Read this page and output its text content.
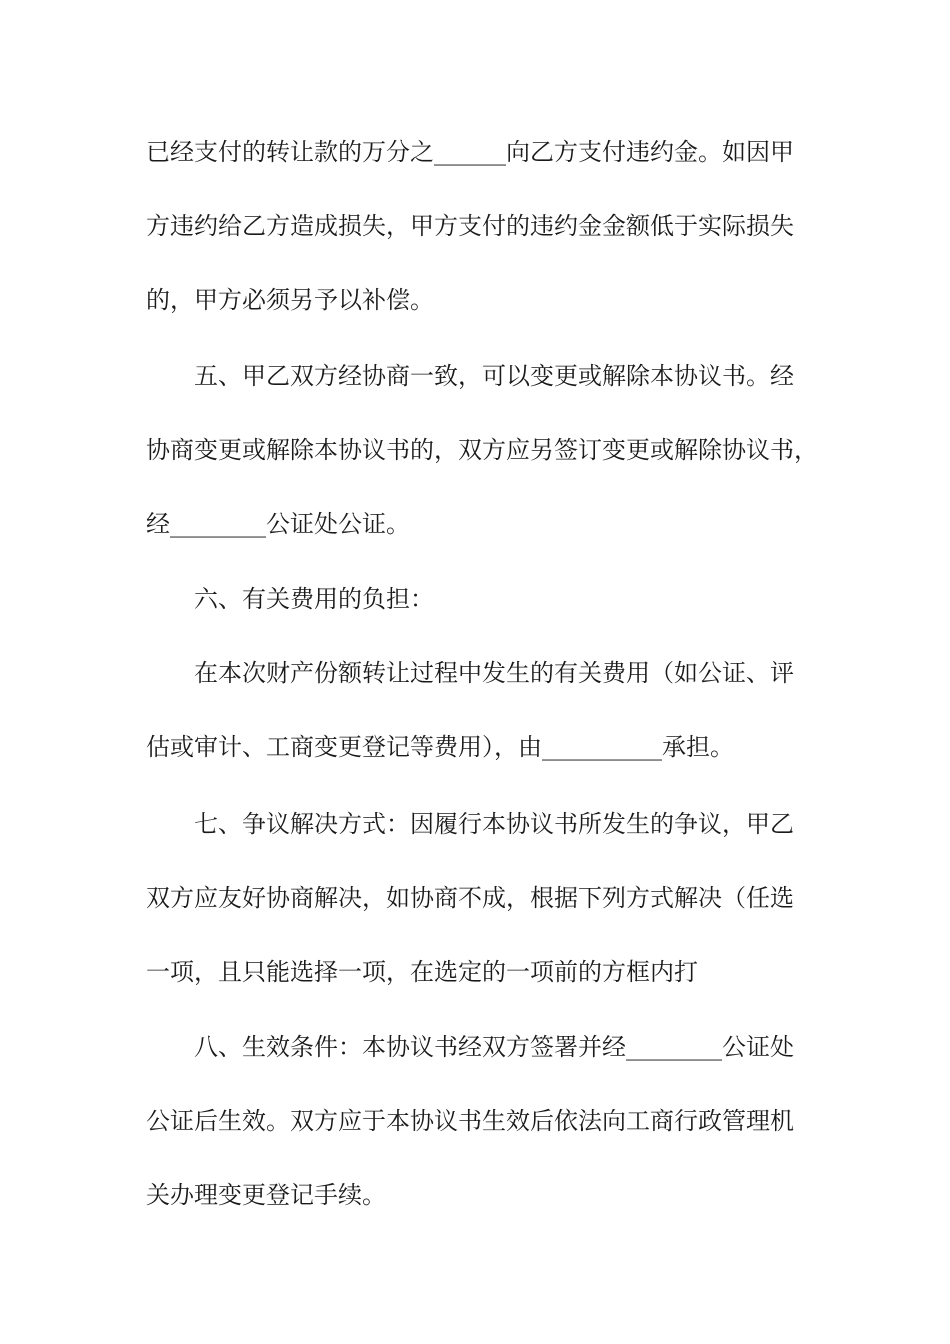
已经支付的转让款的万分之______向乙方支付违约金。如因甲
方违约给乙方造成损失，甲方支付的违约金金额低于实际损失
的，甲方必须另予以补偿。
五、甲乙双方经协商一致，可以变更或解除本协议书。经
协商变更或解除本协议书的，双方应另签订变更或解除协议书，
经________公证处公证。
六、有关费用的负担：
在本次财产份额转让过程中发生的有关费用（如公证、评
估或审计、工商变更登记等费用），由__________承担。
七、争议解决方式：因履行本协议书所发生的争议，甲乙
双方应友好协商解决，如协商不成，根据下列方式解决（任选
一项，且只能选择一项，在选定的一项前的方框内打
八、生效条件：本协议书经双方签署并经________公证处
公证后生效。双方应于本协议书生效后依法向工商行政管理机
关办理变更登记手续。
